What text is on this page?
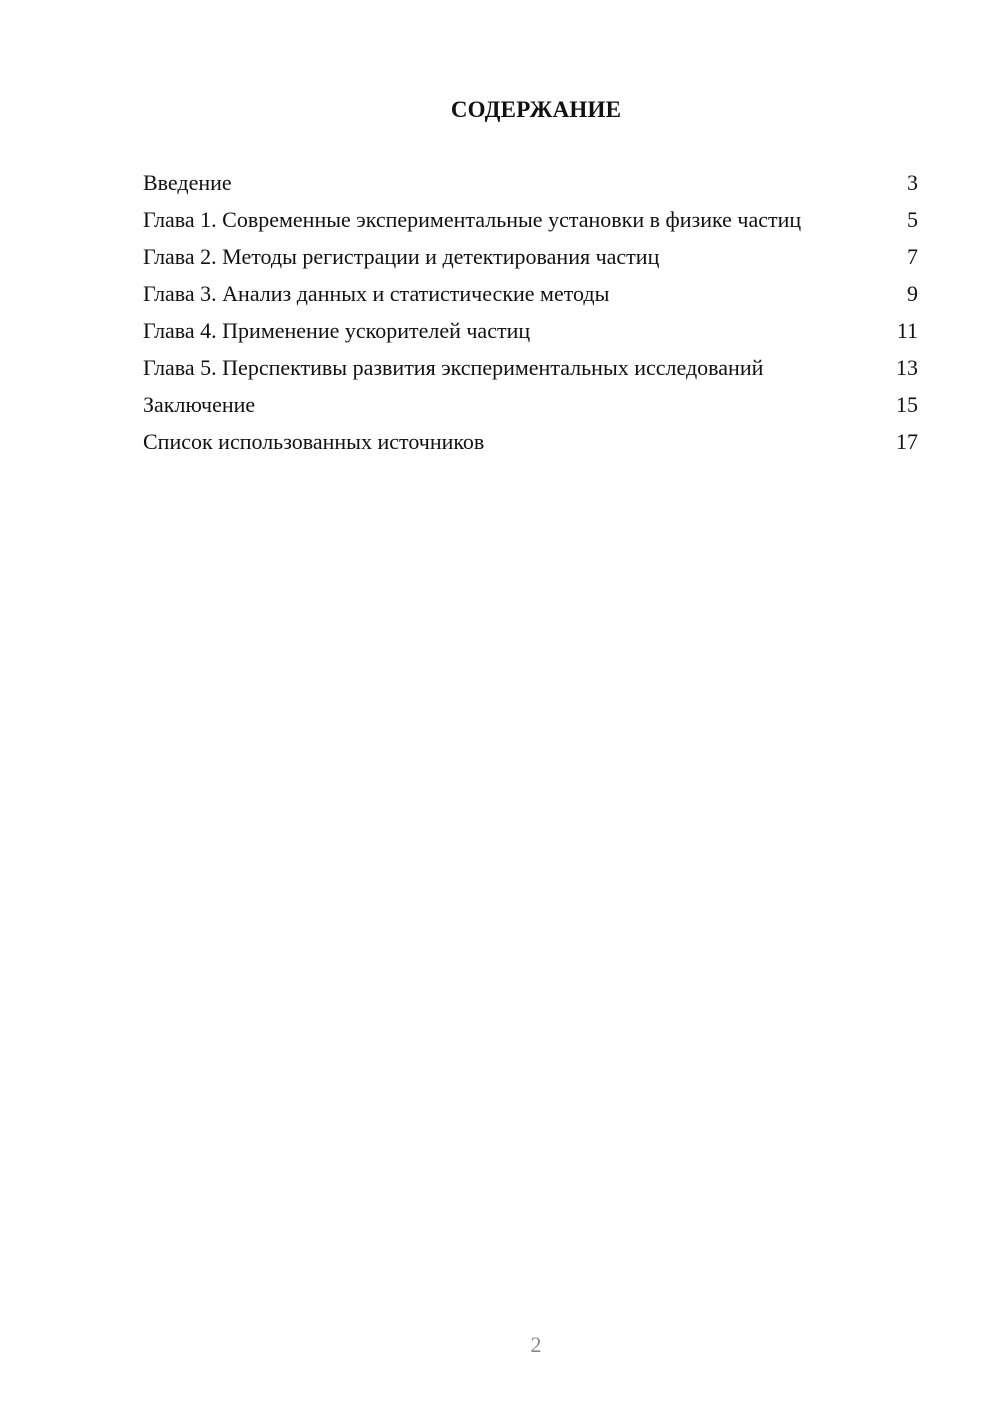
СОДЕРЖАНИЕ
Введение	3
Глава 1. Современные экспериментальные установки в физике частиц	5
Глава 2. Методы регистрации и детектирования частиц	7
Глава 3. Анализ данных и статистические методы	9
Глава 4. Применение ускорителей частиц	11
Глава 5. Перспективы развития экспериментальных исследований	13
Заключение	15
Список использованных источников	17
2
